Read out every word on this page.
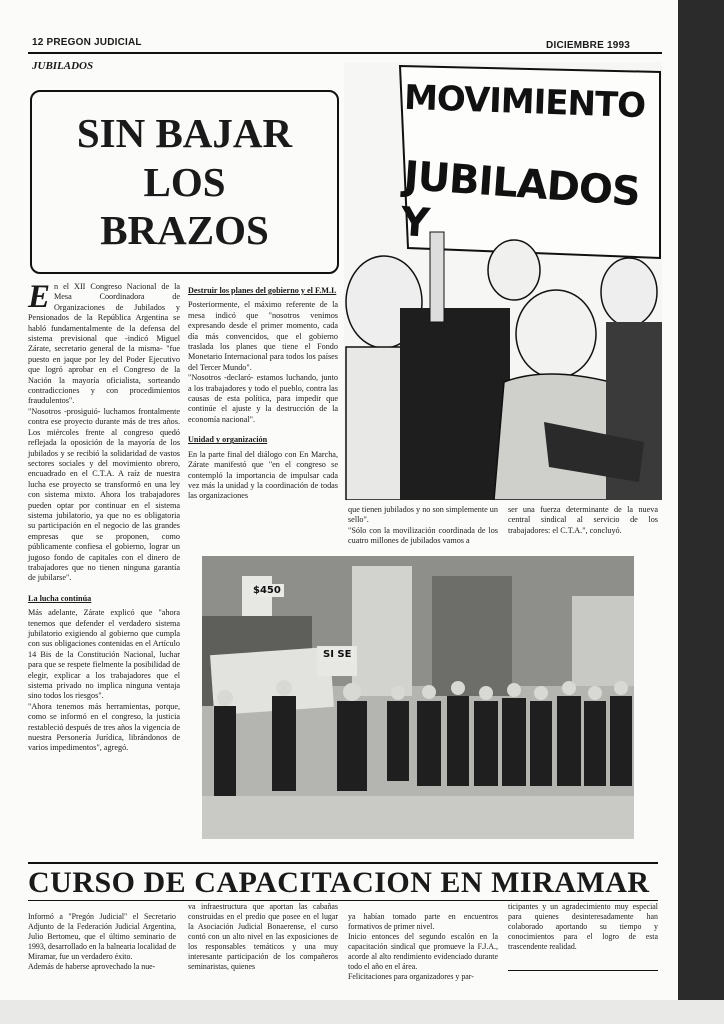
12 PREGON JUDICIAL	DICIEMBRE 1993
JUBILADOS
SIN BAJAR
LOS
BRAZOS
E n el XII Congreso Nacional de la Mesa Coordinadora de Organizaciones de Jubilados y Pensionados de la República Argentina se habló fundamentalmente de la defensa del sistema previsional que -indicó Miguel Zárate, secretario general de la misma- "fue puesto en jaque por ley del Poder Ejecutivo que logró aprobar en el Congreso de la Nación la mayoría oficialista, sorteando contradicciones y con procedimientos fraudulentos".

"Nosotros -prosiguió- luchamos frontalmente contra ese proyecto durante más de tres años. Los miércoles frente al congreso quedó reflejada la oposición de la mayoría de los jubilados y se recibió la solidaridad de vastos sectores sociales y del movimiento obrero, encuadrado en el C.T.A. A raíz de nuestra lucha ese proyecto se transformó en una ley con sistema mixto. Ahora los trabajadores pueden optar por continuar en el sistema sistema jubilatorio, ya que no es obligatoria su participación en el negocio de las grandes empresas que se proponen, como públicamente confiesa el gobierno, lograr un jugoso fondo de capitales con el dinero de trabajadores que no tienen ninguna garantía de jubilarse".

La lucha continúa

Más adelante, Zárate explicó que "ahora tenemos que defender el verdadero sistema jubilatorio exigiendo al gobierno que cumpla con sus obligaciones contenidas en el Artículo 14 Bis de la Constitución Nacional, luchar para que se respete fielmente la posibilidad de elegir, explicar a los trabajadores que el sistema privado no implica ninguna ventaja sino todos los riesgos".

"Ahora tenemos más herramientas, porque, como se informó en el congreso, la justicia restableció después de tres años la vigencia de nuestra Personería Jurídica, librándonos de varios impedimentos", agregó.

Destruir los planes del gobierno y el F.M.I.

Posteriormente, el máximo referente de la mesa indicó que "nosotros venimos expresando desde el primer momento, cada día más convencidos, que el gobierno traslada los planes que tiene el Fondo Monetario Internacional para todos los países del Tercer Mundo".

"Nosotros -declaró- estamos luchando, junto a los trabajadores y todo el pueblo, contra las causas de esta política, para impedir que continúe el ajuste y la destrucción de la economía nacional".

Unidad y organización

En la parte final del diálogo con En Marcha, Zárate manifestó que "en el congreso se contempló la importancia de impulsar cada vez más la unidad y la coordinación de todas las organizaciones

que tienen jubilados y no son simplemente un sello".

"Sólo con la movilización coordinada de los cuatro millones de jubilados vamos a

ser una fuerza determinante de la nueva central sindical al servicio de los trabajadores: el C.T.A.", concluyó.

MOVIMIENTO
JUBILADOS Y
$450
SI SE
CURSO DE CAPACITACION EN MIRAMAR

Informó a "Pregón Judicial" el Secretario Adjunto de la Federación Judicial Argentina, Julio Bertomeu, que el último seminario de 1993, desarrollado en la balnearia localidad de Miramar, fue un verdadero éxito.
Además de haberse aprovechado la nue-

va infraestructura que aportan las cabañas construidas en el predio que posee en el lugar la Asociación Judicial Bonaerense, el curso contó con un alto nivel en las exposiciones de los responsables temáticos y una muy interesante participación de los compañeros seminaristas, quienes

ya habían tomado parte en encuentros formativos de primer nivel.
Inicio entonces del segundo escalón en la capacitación sindical que promueve la F.J.A., acorde al alto rendimiento evidenciado durante todo el año en el área.
Felicitaciones para organizadores y par-

ticipantes y un agradecimiento muy especial para quienes desinteresadamente han colaborado aportando su tiempo y conocimientos para el logro de esta trascendente realidad.
